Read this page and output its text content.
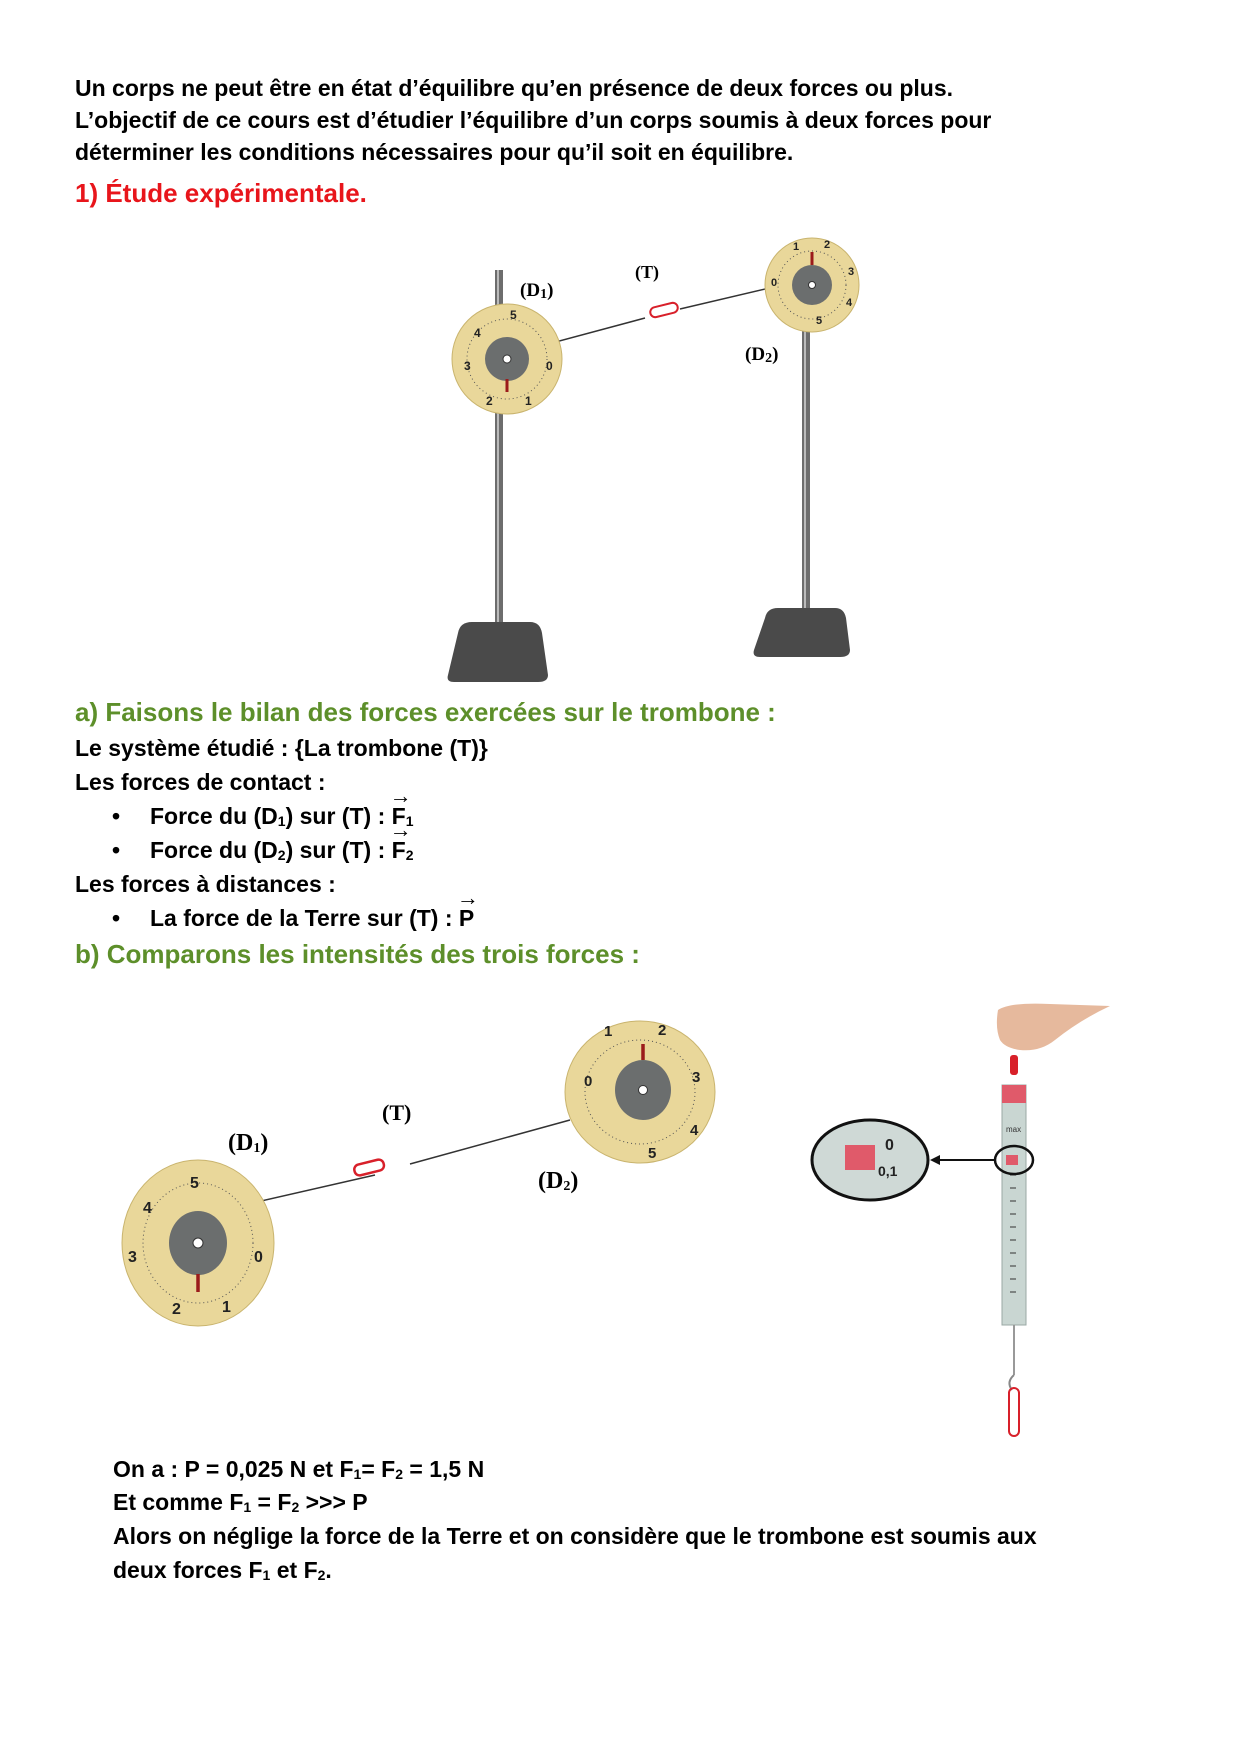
Un corps ne peut être en état d’équilibre qu’en présence de deux forces ou plus.
L’objectif de ce cours est d’étudier l’équilibre d’un corps soumis à deux forces pour
déterminer les conditions nécessaires pour qu’il soit en équilibre.
1) Étude expérimentale.
3
4
5
0
1
2
0
1 2
3
4
5
$(D_1)$
(T)
$(D_2)$
a) Faisons le bilan des forces exercées sur le trombone :
Le système étudié : {La trombone (T)}
Les forces de contact :
• Force du $(D_1)$ sur (T) : → $F_1$
• Force du $(D_2)$ sur (T) : → $F_2$
Les forces à distances :
• La force de la Terre sur (T) : → P
b) Comparons les intensités des trois forces :
3
4
5
0
1
2
0
1	2
3
4
5
$(D_1)$
(T)
$(D_2)$
max
0
0,1
On a : P = 0,025 N et $F_1= F_2 = 1,5$ N
Et comme $F_1 = F_2$ >>> P
Alors on néglige la force de la Terre et on considère que le trombone est soumis aux
deux forces $F_1$ et $F_2$.
